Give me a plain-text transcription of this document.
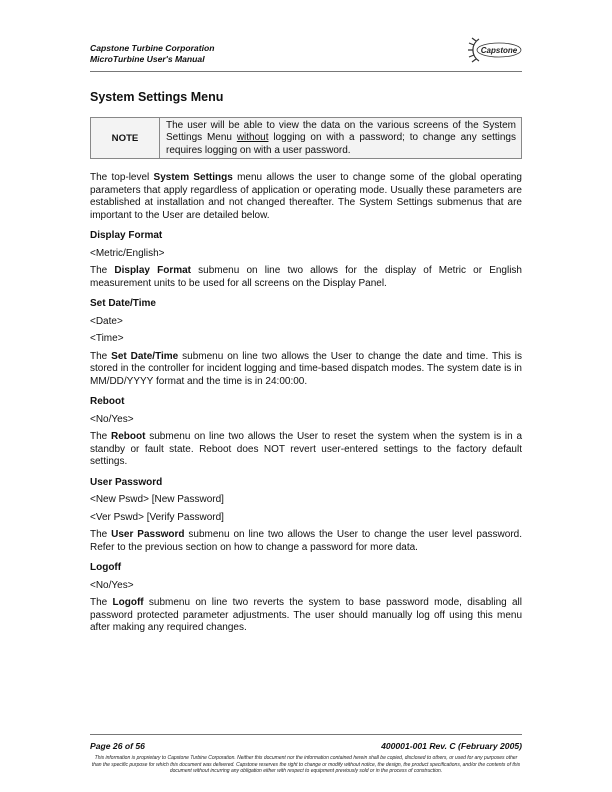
Capstone Turbine Corporation
MicroTurbine User's Manual
Capstone
System Settings Menu
NOTE
The user will be able to view the data on the various screens of the System Settings Menu without logging on with a password; to change any settings requires logging on with a user password.

The top-level System Settings menu allows the user to change some of the global operating parameters that apply regardless of application or operating mode. Usually these parameters are established at installation and not changed thereafter. The System Settings submenus that are important to the User are detailed below.

Display Format

<Metric/English>

The Display Format submenu on line two allows for the display of Metric or English measurement units to be used for all screens on the Display Panel.

Set Date/Time

<Date>

<Time>

The Set Date/Time submenu on line two allows the User to change the date and time. This is stored in the controller for incident logging and time-based dispatch modes. The system date is in MM/DD/YYYY format and the time is in 24:00:00.

Reboot

<No/Yes>

The Reboot submenu on line two allows the User to reset the system when the system is in a standby or fault state. Reboot does NOT revert user-entered settings to the factory default settings.

User Password

<New Pswd> [New Password]

<Ver Pswd> [Verify Password]

The User Password submenu on line two allows the User to change the user level password. Refer to the previous section on how to change a password for more data.

Logoff

<No/Yes>

The Logoff submenu on line two reverts the system to base password mode, disabling all password protected parameter adjustments. The user should manually log off using this menu after making any required changes.

Page 26 of 56	400001-001 Rev. C (February 2005)
This information is proprietary to Capstone Turbine Corporation. Neither this document nor the information contained herein shall be copied, disclosed to others, or used for any purposes other than the specific purpose for which this document was delivered. Capstone reserves the right to change or modify without notice, the design, the product specifications, and/or the contents of this document without incurring any obligation either with respect to equipment previously sold or in the process of construction.
